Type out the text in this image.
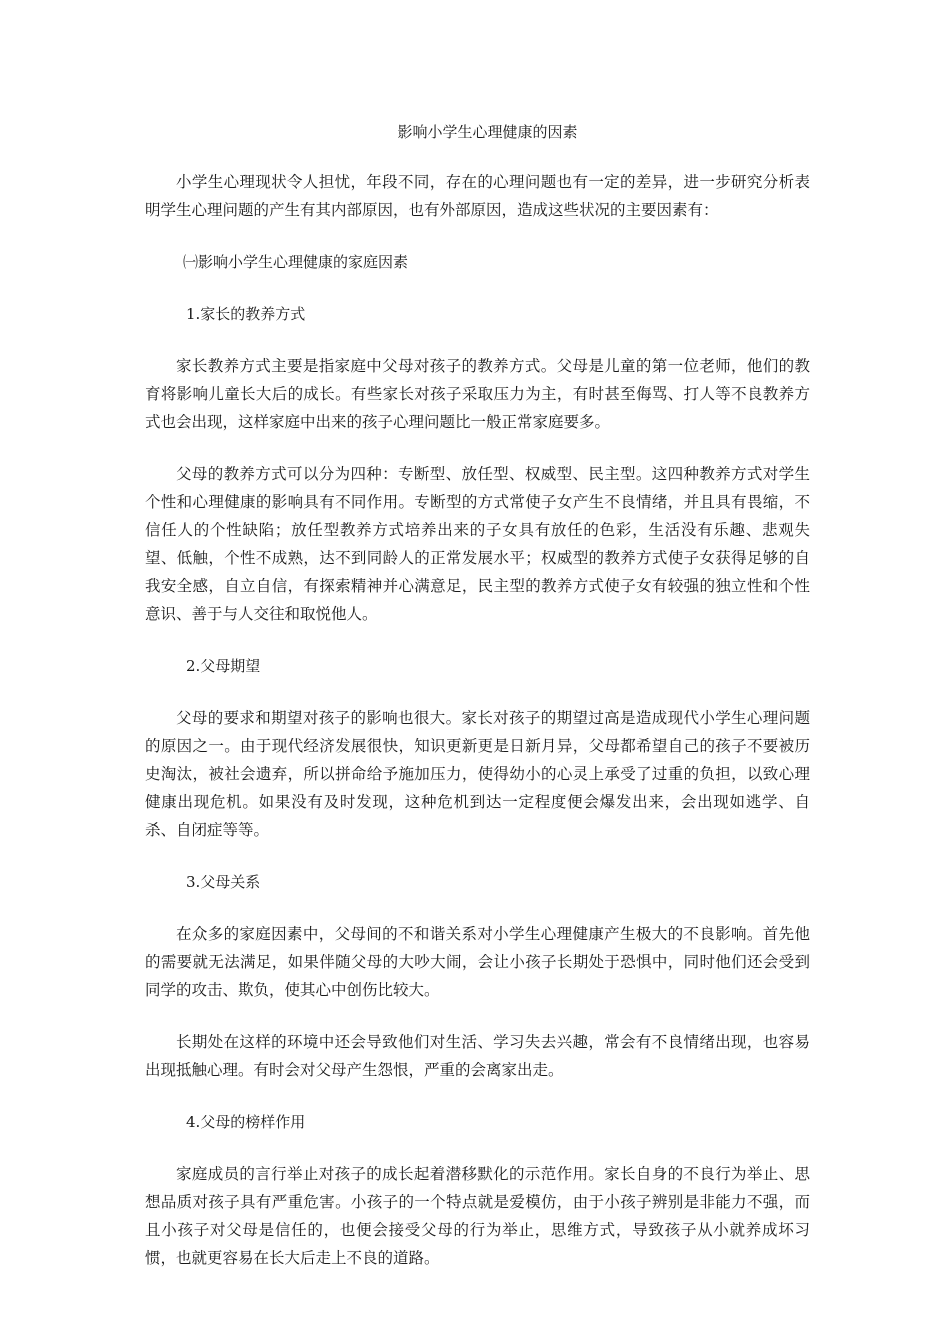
影响小学生心理健康的因素

小学生心理现状令人担忧，年段不同，存在的心理问题也有一定的差异，进一步研究分析表明学生心理问题的产生有其内部原因，也有外部原因，造成这些状况的主要因素有：

㈠影响小学生心理健康的家庭因素
1.家长的教养方式

家长教养方式主要是指家庭中父母对孩子的教养方式。父母是儿童的第一位老师，他们的教育将影响儿童长大后的成长。有些家长对孩子采取压力为主，有时甚至侮骂、打人等不良教养方式也会出现，这样家庭中出来的孩子心理问题比一般正常家庭要多。

父母的教养方式可以分为四种：专断型、放任型、权威型、民主型。这四种教养方式对学生个性和心理健康的影响具有不同作用。专断型的方式常使子女产生不良情绪，并且具有畏缩，不信任人的个性缺陷；放任型教养方式培养出来的子女具有放任的色彩，生活没有乐趣、悲观失望、低触，个性不成熟，达不到同龄人的正常发展水平；权威型的教养方式使子女获得足够的自我安全感，自立自信，有探索精神并心满意足，民主型的教养方式使子女有较强的独立性和个性意识、善于与人交往和取悦他人。

2.父母期望

父母的要求和期望对孩子的影响也很大。家长对孩子的期望过高是造成现代小学生心理问题的原因之一。由于现代经济发展很快，知识更新更是日新月异，父母都希望自己的孩子不要被历史淘汰，被社会遗弃，所以拼命给予施加压力，使得幼小的心灵上承受了过重的负担，以致心理健康出现危机。如果没有及时发现，这种危机到达一定程度便会爆发出来，会出现如逃学、自杀、自闭症等等。

3.父母关系

在众多的家庭因素中，父母间的不和谐关系对小学生心理健康产生极大的不良影响。首先他的需要就无法满足，如果伴随父母的大吵大闹，会让小孩子长期处于恐惧中，同时他们还会受到同学的攻击、欺负，使其心中创伤比较大。

长期处在这样的环境中还会导致他们对生活、学习失去兴趣，常会有不良情绪出现，也容易出现抵触心理。有时会对父母产生怨恨，严重的会离家出走。

4.父母的榜样作用

家庭成员的言行举止对孩子的成长起着潜移默化的示范作用。家长自身的不良行为举止、思想品质对孩子具有严重危害。小孩子的一个特点就是爱模仿，由于小孩子辨别是非能力不强，而且小孩子对父母是信任的，也便会接受父母的行为举止，思维方式，导致孩子从小就养成坏习惯，也就更容易在长大后走上不良的道路。
